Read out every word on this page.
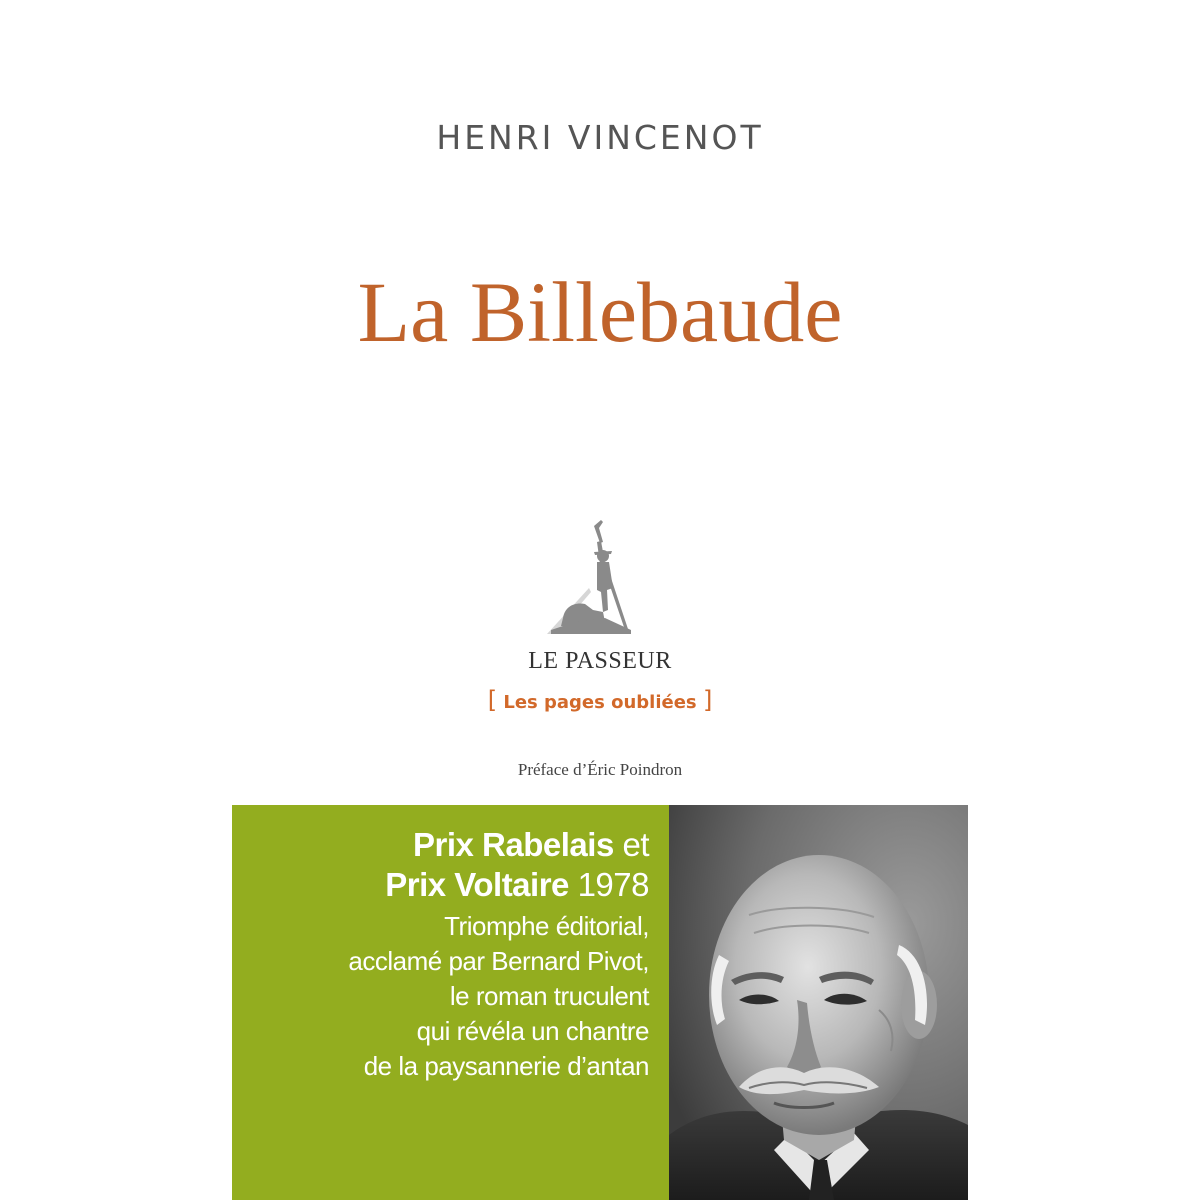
HENRI VINCENOT
La Billebaude
LE PASSEUR
[ Les pages oubliées ]
Préface d’Éric Poindron
Prix Rabelais et
Prix Voltaire 1978
Triomphe éditorial,
acclamé par Bernard Pivot,
le roman truculent
qui révéla un chantre
de la paysannerie d’antan
